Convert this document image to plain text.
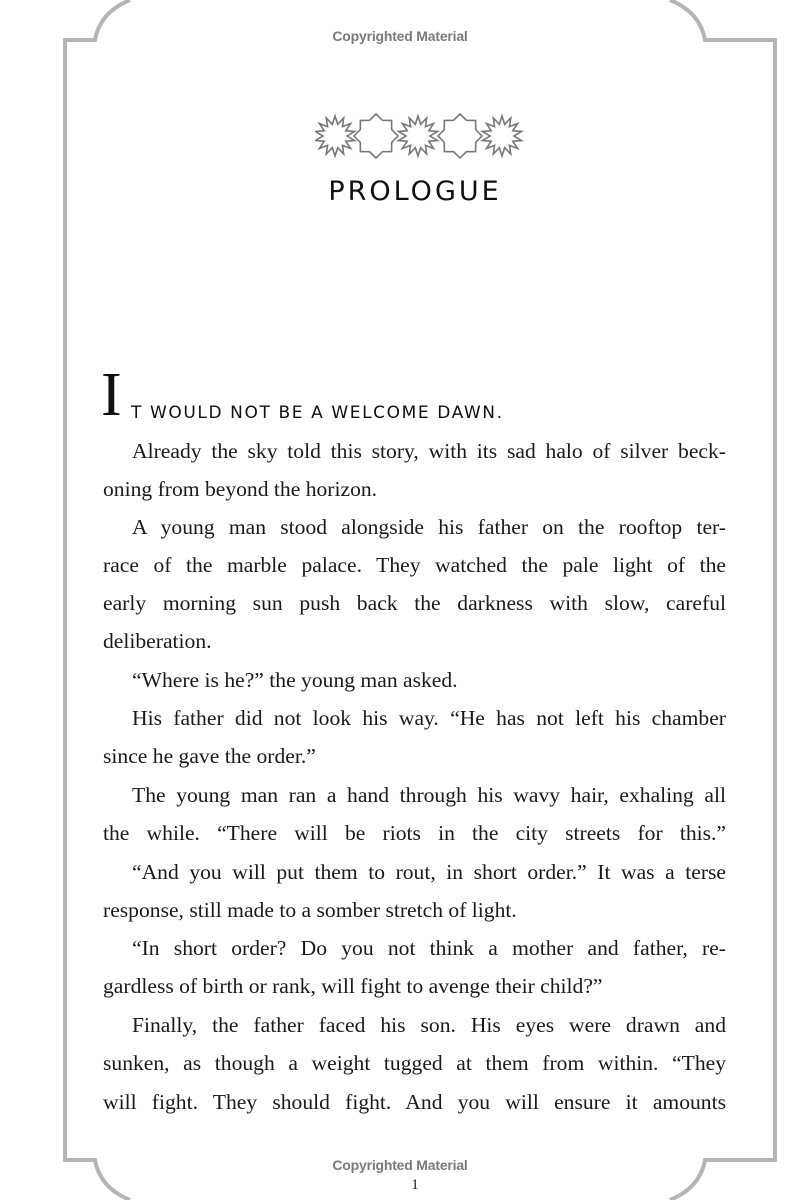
Copyrighted Material
PROLOGUE
I T WOULD NOT BE A WELCOME DAWN.
Already the sky told this story, with its sad halo of silver beck-
oning from beyond the horizon.
A young man stood alongside his father on the rooftop ter-
race of the marble palace. They watched the pale light of the
early morning sun push back the darkness with slow, careful
deliberation.
“Where is he?” the young man asked.
His father did not look his way. “He has not left his chamber
since he gave the order.”
The young man ran a hand through his wavy hair, exhaling all
the while. “There will be riots in the city streets for this.”
“And you will put them to rout, in short order.” It was a terse
response, still made to a somber stretch of light.
“In short order? Do you not think a mother and father, re-
gardless of birth or rank, will fight to avenge their child?”
Finally, the father faced his son. His eyes were drawn and
sunken, as though a weight tugged at them from within. “They
will fight. They should fight. And you will ensure it amounts
Copyrighted Material
1
